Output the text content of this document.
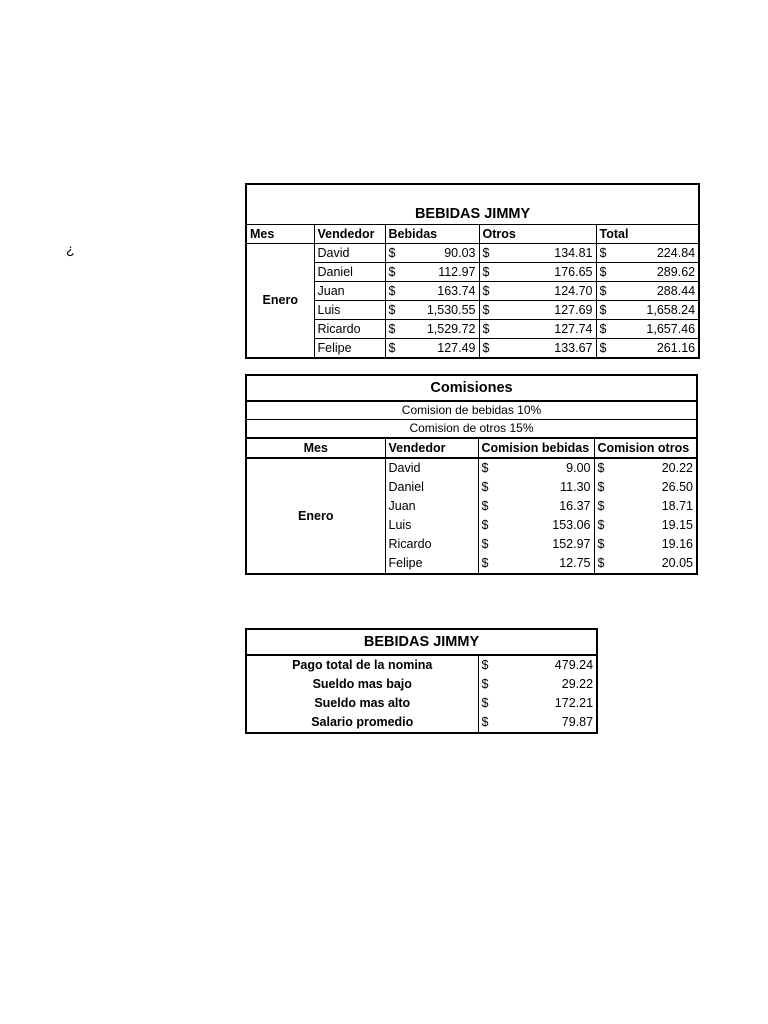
¿
BEBIDAS JIMMY							
Mes	Vendedor	Bebidas		Otros		Total	
Enero	David	$	90.03	$	134.81	$	224.84
	Daniel	$	112.97	$	176.65	$	289.62
	Juan	$	163.74	$	124.70	$	288.44
	Luis	$	1,530.55	$	127.69	$	1,658.24
	Ricardo	$	1,529.72	$	127.74	$	1,657.46
	Felipe	$	127.49	$	133.67	$	261.16
Comisiones					
Comision de bebidas 10%					
Comision de otros 15%					
Mes	Vendedor	Comision bebidas		Comision otros	
Enero	David	$	9.00	$	20.22
	Daniel	$	11.30	$	26.50
	Juan	$	16.37	$	18.71
	Luis	$	153.06	$	19.15
	Ricardo	$	152.97	$	19.16
	Felipe	$	12.75	$	20.05
BEBIDAS JIMMY		
Pago total de la nomina	$	479.24
Sueldo mas bajo	$	29.22
Sueldo mas alto	$	172.21
Salario promedio	$	79.87
